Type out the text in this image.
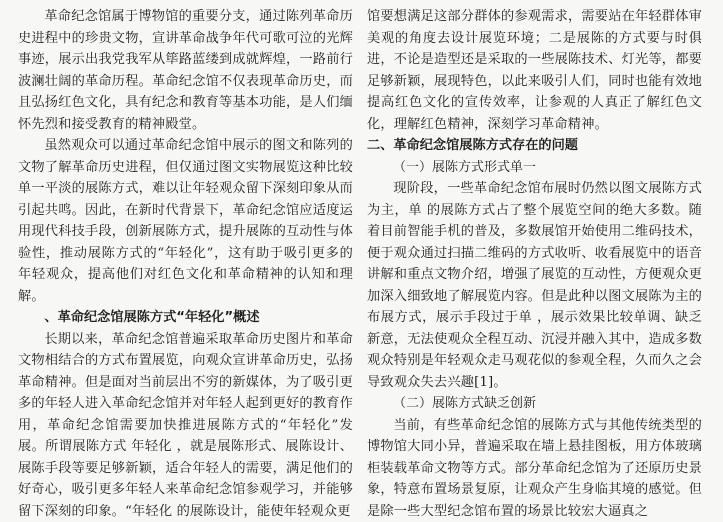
革命纪念馆属于博物馆的重要分支，通过陈列革命历史进程中的珍贵文物，宣讲革命战争年代可歌可泣的光辉事迹，展示出我党我军从筚路蓝缕到成就辉煌，一路前行波澜壮阔的革命历程。革命纪念馆不仅表现革命历史，而且弘扬红色文化，具有纪念和教育等基本功能，是人们缅怀先烈和接受教育的精神殿堂。

虽然观众可以通过革命纪念馆中展示的图文和陈列的文物了解革命历史进程，但仅通过图文实物展览这种比较单一平淡的展陈方式，难以让年轻观众留下深刻印象从而引起共鸣。因此，在新时代背景下，革命纪念馆应适度运用现代科技手段，创新展陈方式，提升展陈的互动性与体验性，推动展陈方式的“年轻化”，这有助于吸引更多的年轻观众，提高他们对红色文化和革命精神的认知和理解。

、革命纪念馆展陈方式“年轻化”概述

长期以来，革命纪念馆普遍采取革命历史图片和革命文物相结合的方式布置展览，向观众宣讲革命历史，弘扬革命精神。但是面对当前层出不穷的新媒体，为了吸引更多的年轻人进入革命纪念馆并对年轻人起到更好的教育作用，革命纪念馆需要加快推进展陈方式的“年轻化”发展。所谓展陈方式 年轻化 ，就是展陈形式、展陈设计、展陈手段等要足够新颖，适合年轻人的需要，满足他们的好奇心，吸引更多年轻人来革命纪念馆参观学习，并能够留下深刻的印象。“年轻化 的展陈设计，能使年轻观众更

馆要想满足这部分群体的参观需求，需要站在年轻群体审美观的角度去设计展览环境；二是展陈的方式要与时俱进，不论是造型还是采取的一些展陈技术、灯光等，都要足够新颖，展现特色，以此来吸引人们，同时也能有效地提高红色文化的宣传效率，让参观的人真正了解红色文化，理解红色精神，深刻学习革命精神。

二、革命纪念馆展陈方式存在的问题

（一）展陈方式形式单一

现阶段，一些革命纪念馆布展时仍然以图文展陈方式为主，单 的展陈方式占了整个展览空间的绝大多数。随着目前智能手机的普及，多数展馆开始使用二维码技术，便于观众通过扫描二维码的方式收听、收看展览中的语音讲解和重点文物介绍，增强了展览的互动性，方便观众更加深入细致地了解展览内容。但是此种以图文展陈为主的布展方式，展示手段过于单 ，展示效果比较单调、缺乏新意，无法使观众全程互动、沉浸并融入其中，造成多数观众特别是年轻观众走马观花似的参观全程，久而久之会导致观众失去兴趣[1]。

（二）展陈方式缺乏创新

当前，有些革命纪念馆的展陈方式与其他传统类型的博物馆大同小异，普遍采取在墙上悬挂图板，用方体玻璃柜装载革命文物等方式。部分革命纪念馆为了还原历史景象，特意布置场景复原，让观众产生身临其境的感觉。但是除一些大型纪念馆布置的场景比较宏大逼真之
